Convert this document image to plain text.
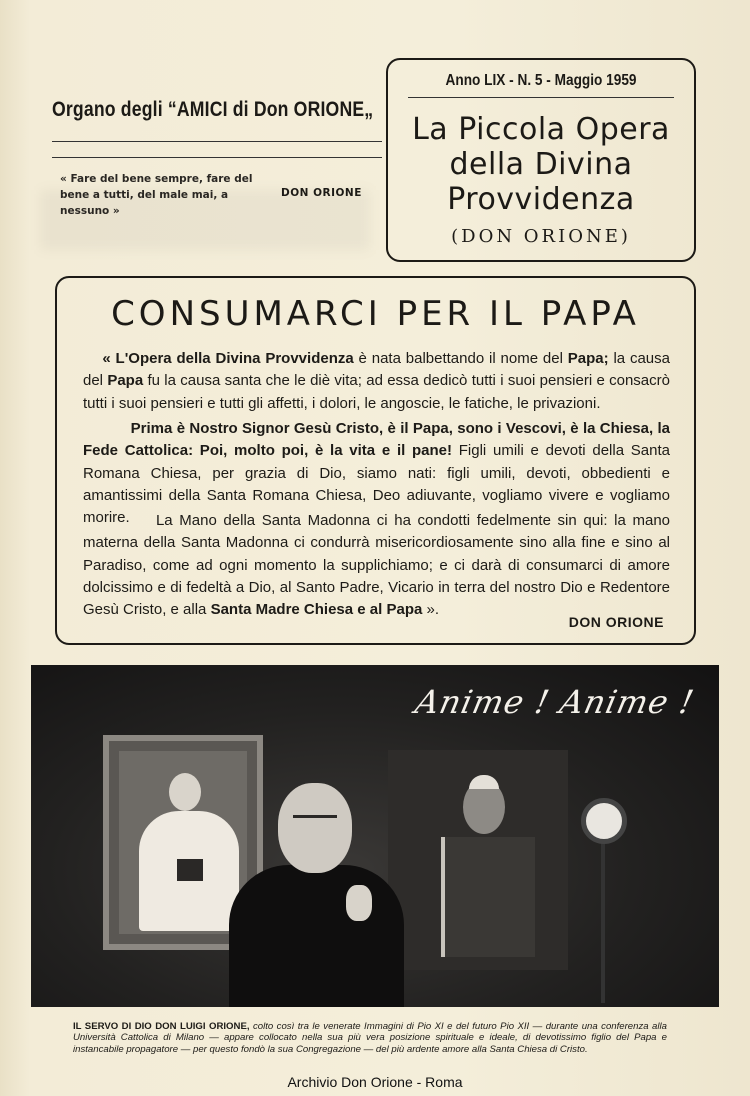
Organo degli “AMICI di Don ORIONE„
« Fare del bene sempre, fare del bene a tutti, del male mai, a nessuno »
DON ORIONE
Anno LIX - N. 5 - Maggio 1959
La Piccola Opera
della Divina
Provvidenza
(DON ORIONE)
CONSUMARCI PER IL PAPA
« L'Opera della Divina Provvidenza è nata balbettando il nome del Papa; la causa del Papa fu la causa santa che le diè vita; ad essa dedicò tutti i suoi pensieri e consacrò tutti i suoi pensieri e tutti gli affetti, i dolori, le angoscie, le fatiche, le privazioni.
Prima è Nostro Signor Gesù Cristo, è il Papa, sono i Vescovi, è la Chiesa, la Fede Cattolica: Poi, molto poi, è la vita e il pane! Figli umili e devoti della Santa Romana Chiesa, per grazia di Dio, siamo nati: figli umili, devoti, obbedienti e amantissimi della Santa Romana Chiesa, Deo adiuvante, vogliamo vivere e vogliamo morire.	La Mano della Santa Madonna ci ha condotti fedelmente sin qui: la mano materna della Santa Madonna ci condurrà misericordiosamente sino alla fine e sino al Paradiso, come ad ogni momento la supplichiamo; e ci darà di consumarci di amore dolcissimo e di fedeltà a Dio, al Santo Padre, Vicario in terra del nostro Dio e Redentore Gesù Cristo, e alla Santa Madre Chiesa e al Papa ».
DON ORIONE
Anime ! Anime !
IL SERVO DI DIO DON LUIGI ORIONE, colto così tra le venerate Immagini di Pio XI e del futuro Pio XII — durante una conferenza alla Università Cattolica di Milano — appare collocato nella sua più vera posizione spirituale e ideale, di devotissimo figlio del Papa e instancabile propagatore — per questo fondò la sua Congregazione — del più ardente amore alla Santa Chiesa di Cristo.
Archivio Don Orione - Roma
